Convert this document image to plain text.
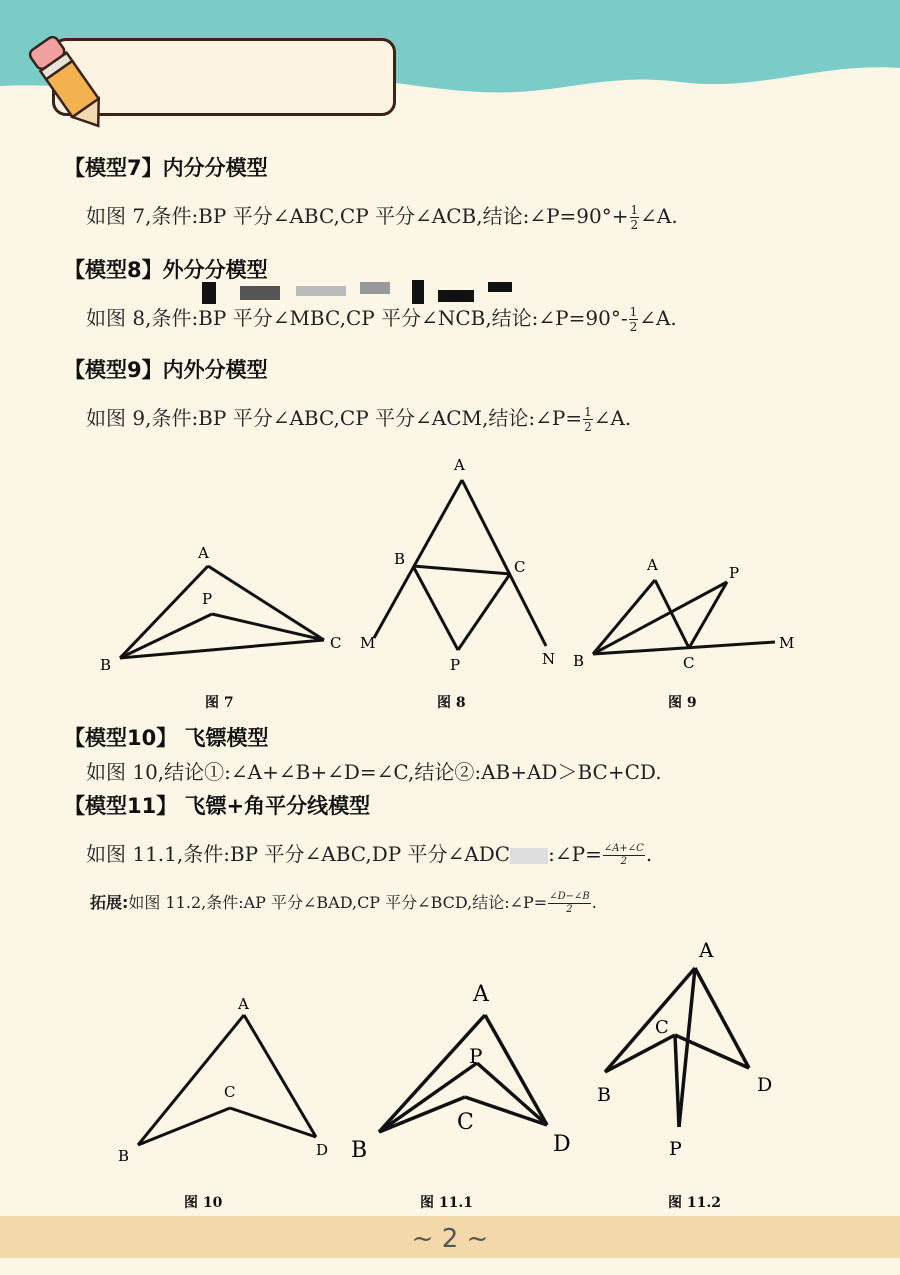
【模型7】内分分模型
如图 7,条件:BP 平分∠ABC,CP 平分∠ACB,结论:∠P=90°+ $\frac{1}{2}$ ∠A.
【模型8】外分分模型
如图 8,条件:BP 平分∠MBC,CP 平分∠NCB,结论:∠P=90°- $\frac{1}{2}$ ∠A.
【模型9】内外分模型
如图 9,条件:BP 平分∠ABC,CP 平分∠ACM,结论:∠P= $\frac{1}{2}$ ∠A.
A
P
B
C
图 7
A
B	C
M
N
P
图 8
A	P
B	C
M
图 9
【模型10】 飞镖模型
如图 10,结论①:∠A+∠B+∠D=∠C,结论②:AB+AD＞BC+CD.
【模型11】 飞镖+角平分线模型
如图 11.1,条件:BP 平分∠ABC,DP 平分∠ADC :∠P= $\frac{\angle A+\angle C}{2}$ .
拓展:如图 11.2,条件:AP 平分∠BAD,CP 平分∠BCD,结论:∠P= $\frac{\angle D-\angle B}{2}$ .
A
C
B	D
图 10
A
P
C
B	D
图 11.1
A
C
B	D
P
图 11.2
~ 2 ~
